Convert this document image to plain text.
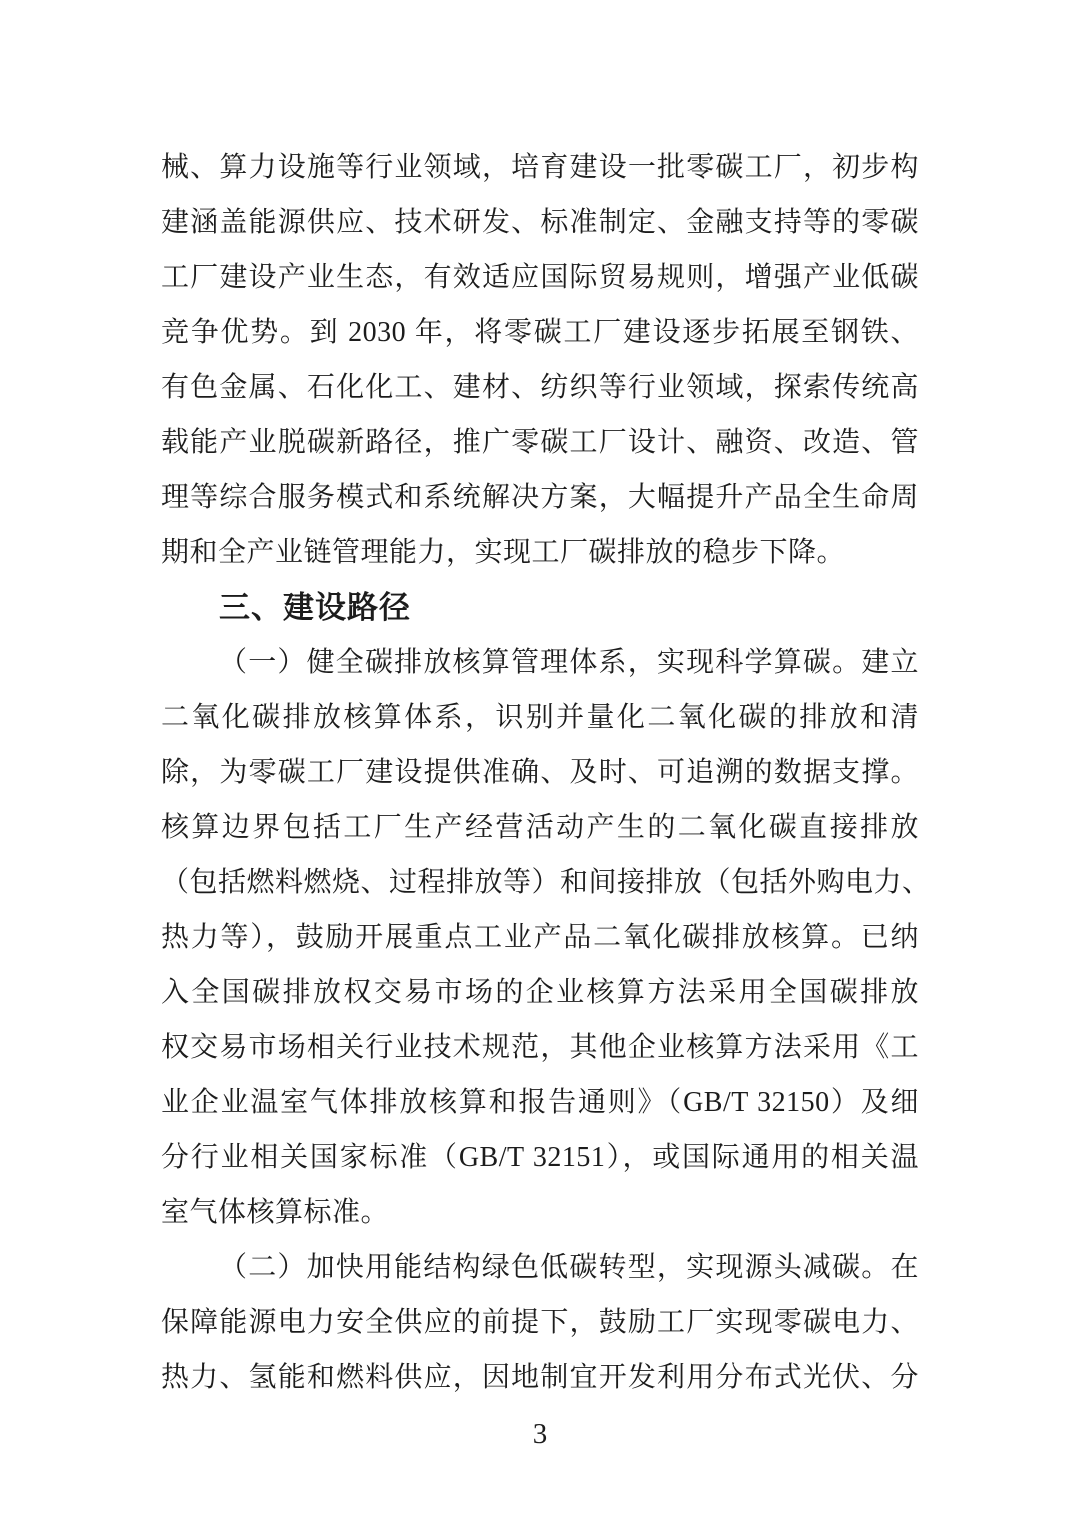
械、算力设施等行业领域，培育建设一批零碳工厂，初步构
建涵盖能源供应、技术研发、标准制定、金融支持等的零碳
工厂建设产业生态，有效适应国际贸易规则，增强产业低碳
竞争优势。到 2030 年，将零碳工厂建设逐步拓展至钢铁、
有色金属、石化化工、建材、纺织等行业领域，探索传统高
载能产业脱碳新路径，推广零碳工厂设计、融资、改造、管
理等综合服务模式和系统解决方案，大幅提升产品全生命周
期和全产业链管理能力，实现工厂碳排放的稳步下降。
三、建设路径
（一）健全碳排放核算管理体系，实现科学算碳。建立
二氧化碳排放核算体系，识别并量化二氧化碳的排放和清
除，为零碳工厂建设提供准确、及时、可追溯的数据支撑。
核算边界包括工厂生产经营活动产生的二氧化碳直接排放
（包括燃料燃烧、过程排放等）和间接排放（包括外购电力、
热力等），鼓励开展重点工业产品二氧化碳排放核算。已纳
入全国碳排放权交易市场的企业核算方法采用全国碳排放
权交易市场相关行业技术规范，其他企业核算方法采用《工
业企业温室气体排放核算和报告通则》（GB/T 32150）及细
分行业相关国家标准（GB/T 32151），或国际通用的相关温
室气体核算标准。
（二）加快用能结构绿色低碳转型，实现源头减碳。在
保障能源电力安全供应的前提下，鼓励工厂实现零碳电力、
热力、氢能和燃料供应，因地制宜开发利用分布式光伏、分
3
